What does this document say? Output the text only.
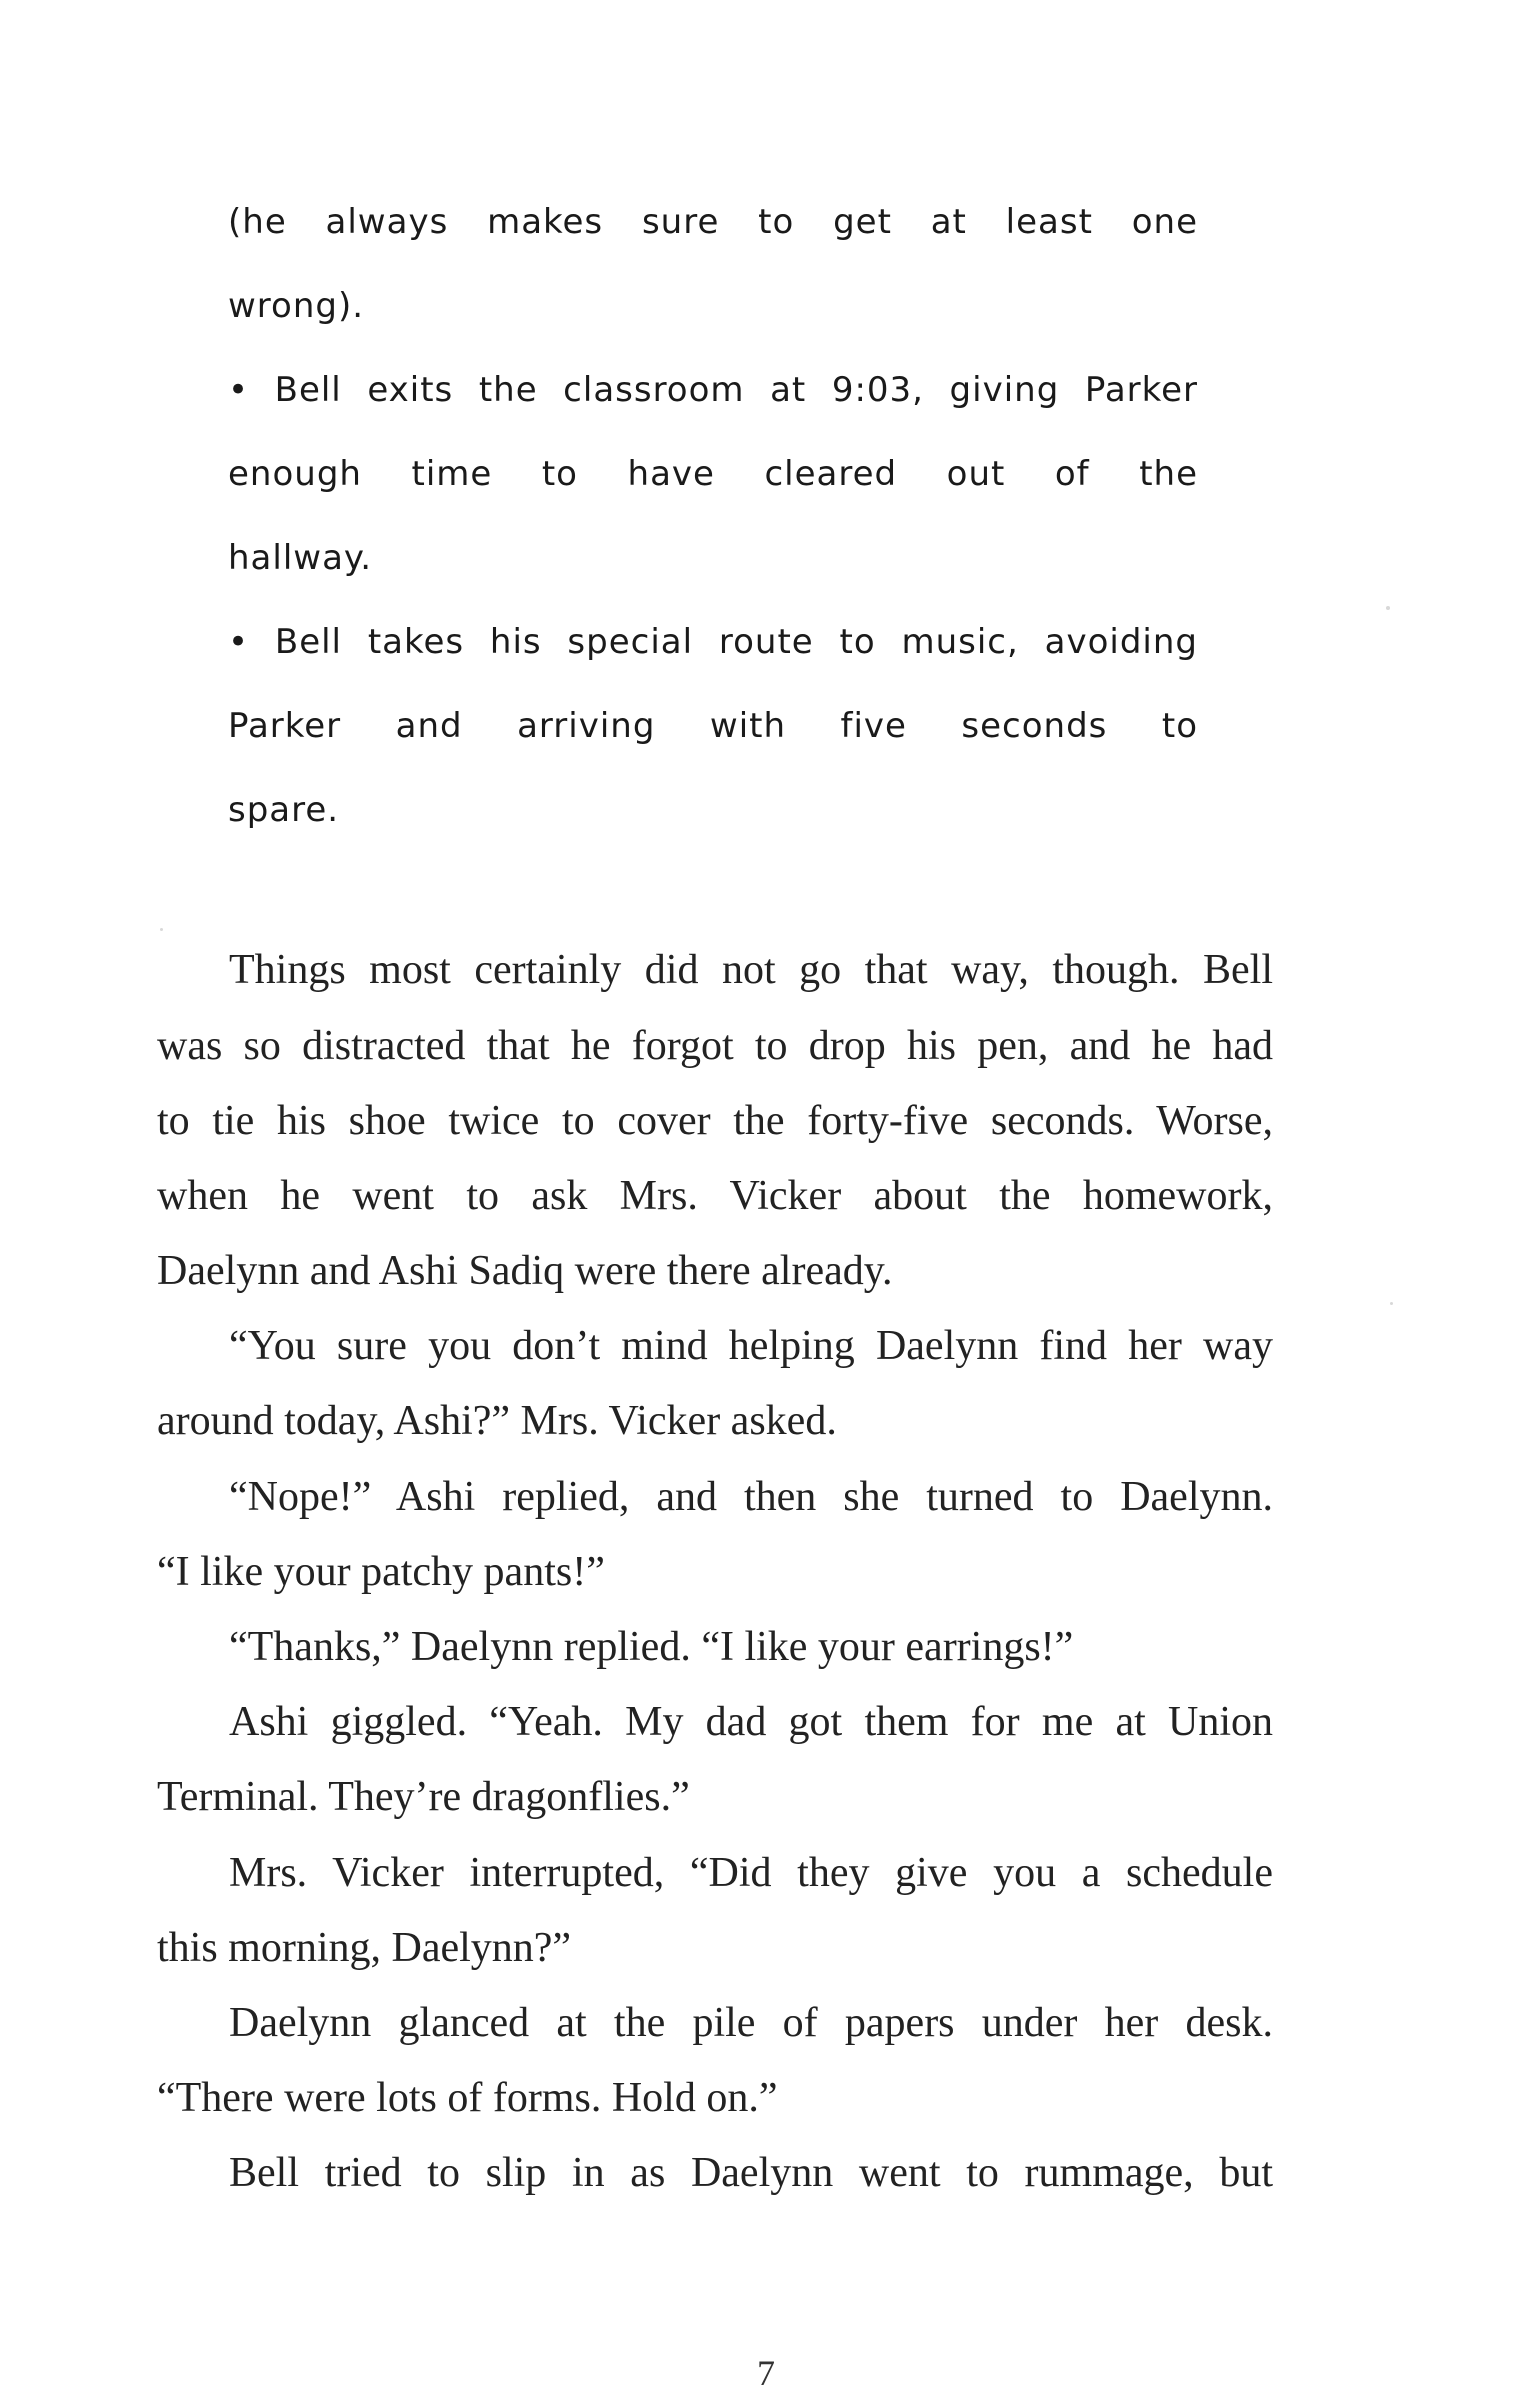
(he always makes sure to get at least one

wrong).

• Bell exits the classroom at 9:03, giving Parker

enough time to have cleared out of the

hallway.

• Bell takes his special route to music, avoiding

Parker and arriving with five seconds to

spare.

Things most certainly did not go that way, though. Bell

was so distracted that he forgot to drop his pen, and he had

to tie his shoe twice to cover the forty-five seconds. Worse,

when he went to ask Mrs. Vicker about the homework,

Daelynn and Ashi Sadiq were there already.

“You sure you don’t mind helping Daelynn find her way

around today, Ashi?” Mrs. Vicker asked.

“Nope!” Ashi replied, and then she turned to Daelynn.

“I like your patchy pants!”

“Thanks,” Daelynn replied. “I like your earrings!”

Ashi giggled. “Yeah. My dad got them for me at Union

Terminal. They’re dragonflies.”

Mrs. Vicker interrupted, “Did they give you a schedule

this morning, Daelynn?”

Daelynn glanced at the pile of papers under her desk.

“There were lots of forms. Hold on.”

Bell tried to slip in as Daelynn went to rummage, but

7
